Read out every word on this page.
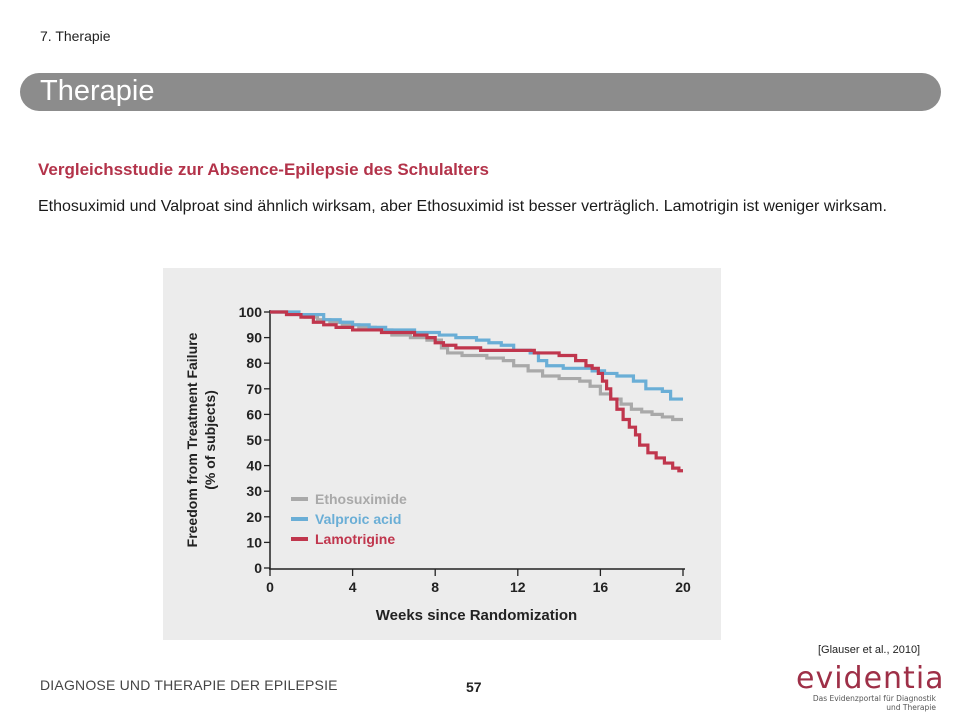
7. Therapie
Therapie
Vergleichsstudie zur Absence-Epilepsie des Schulalters
Ethosuximid und Valproat sind ähnlich wirksam, aber Ethosuximid ist besser verträglich. Lamotrigin ist weniger wirksam.
0
10
20
30
40
50
60
70
80
90
100
0	4	8	12	16	20
Weeks since Randomization
Freedom from Treatment Failure (% of subjects)
Ethosuximide
Valproic acid
Lamotrigine
[Glauser et al., 2010]
DIAGNOSE UND THERAPIE DER EPILEPSIE	57	evidentia
Das Evidenzportal für Diagnostik
und Therapie
